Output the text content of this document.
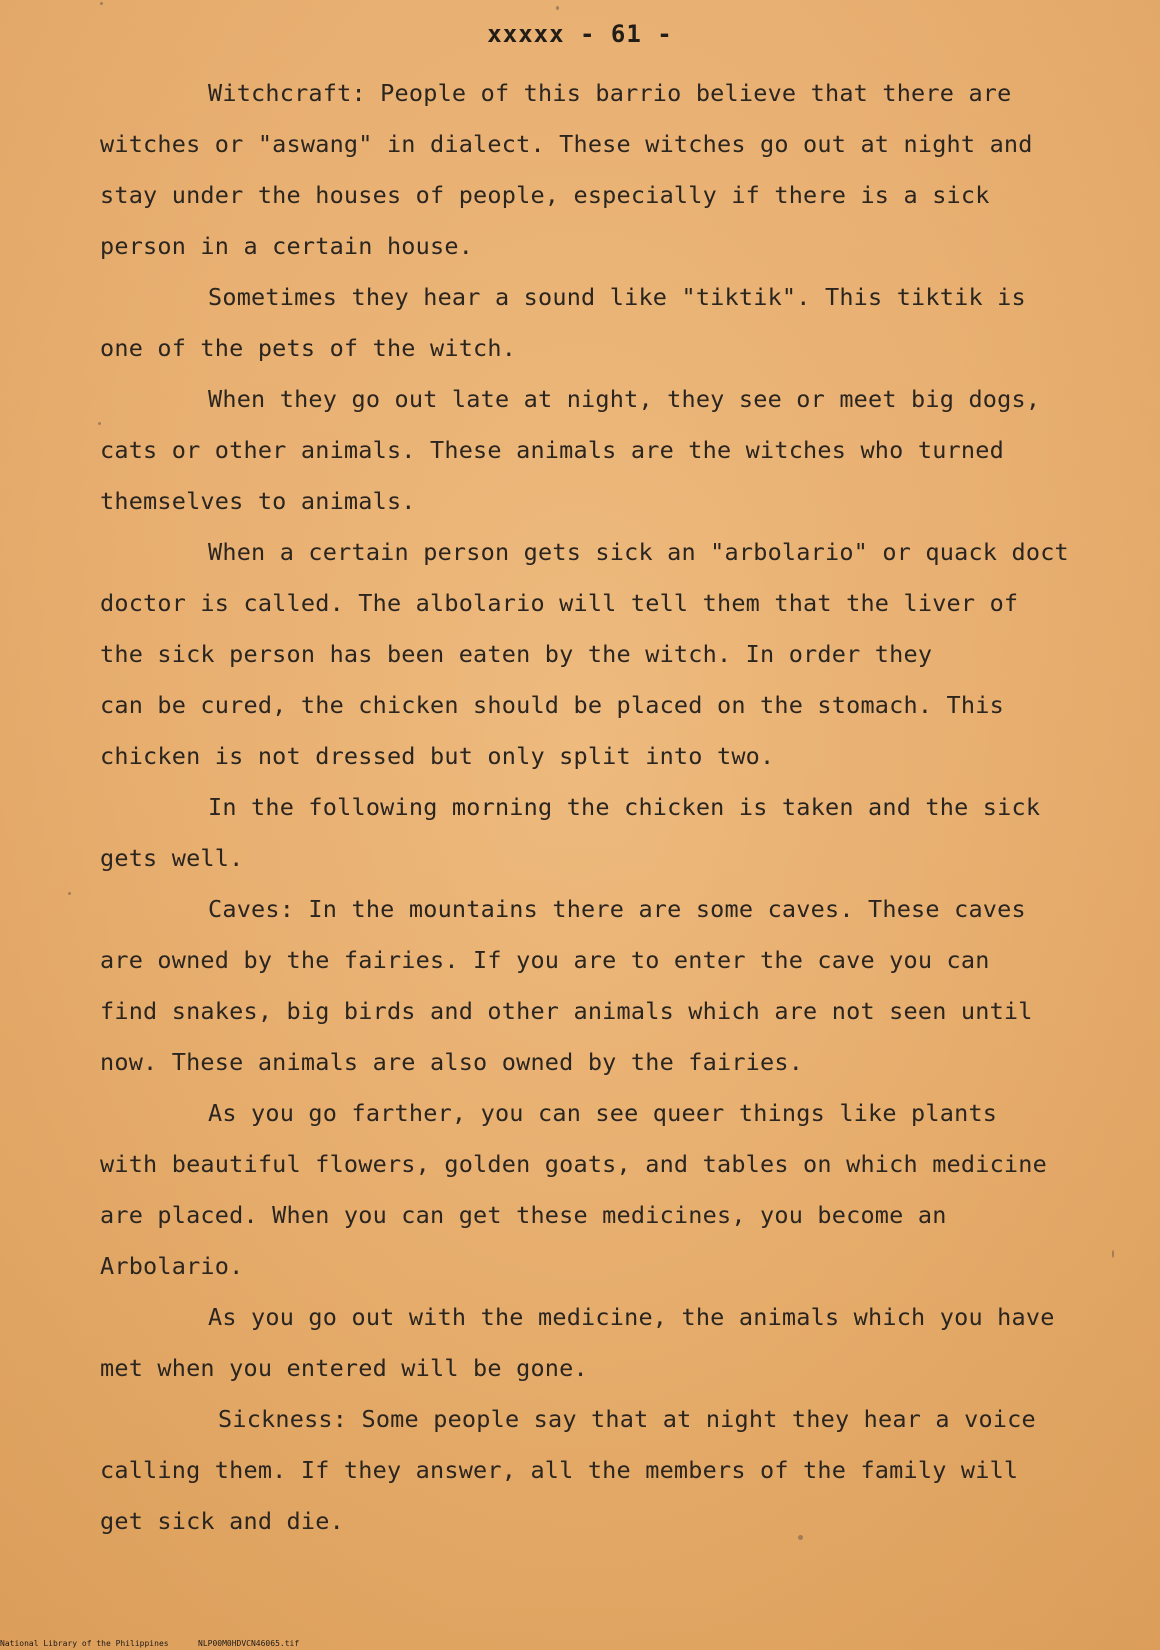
xxxxx - 61 -
Witchcraft: People of this barrio believe that there are
witches or "aswang" in dialect. These witches go out at night and
stay under the houses of people, especially if there is a sick
person in a certain house.
Sometimes they hear a sound like "tiktik". This tiktik is
one of the pets of the witch.
When they go out late at night, they see or meet big dogs,
cats or other animals. These animals are the witches who turned
themselves to animals.
When a certain person gets sick an "arbolario" or quack doct
doctor is called. The albolario will tell them that the liver of
the sick person has been eaten by the witch. In order they
can be cured, the chicken should be placed on the stomach. This
chicken is not dressed but only split into two.
In the following morning the chicken is taken and the sick
gets well.
Caves: In the mountains there are some caves. These caves
are owned by the fairies. If you are to enter the cave you can
find snakes, big birds and other animals which are not seen until
now. These animals are also owned by the fairies.
As you go farther, you can see queer things like plants
with beautiful flowers, golden goats, and tables on which medicine
are placed. When you can get these medicines, you become an
Arbolario.
As you go out with the medicine, the animals which you have
met when you entered will be gone.
Sickness: Some people say that at night they hear a voice
calling them. If they answer, all the members of the family will
get sick and die.
National Library of the Philippines	NLP00M0HDVCN46065.tif
